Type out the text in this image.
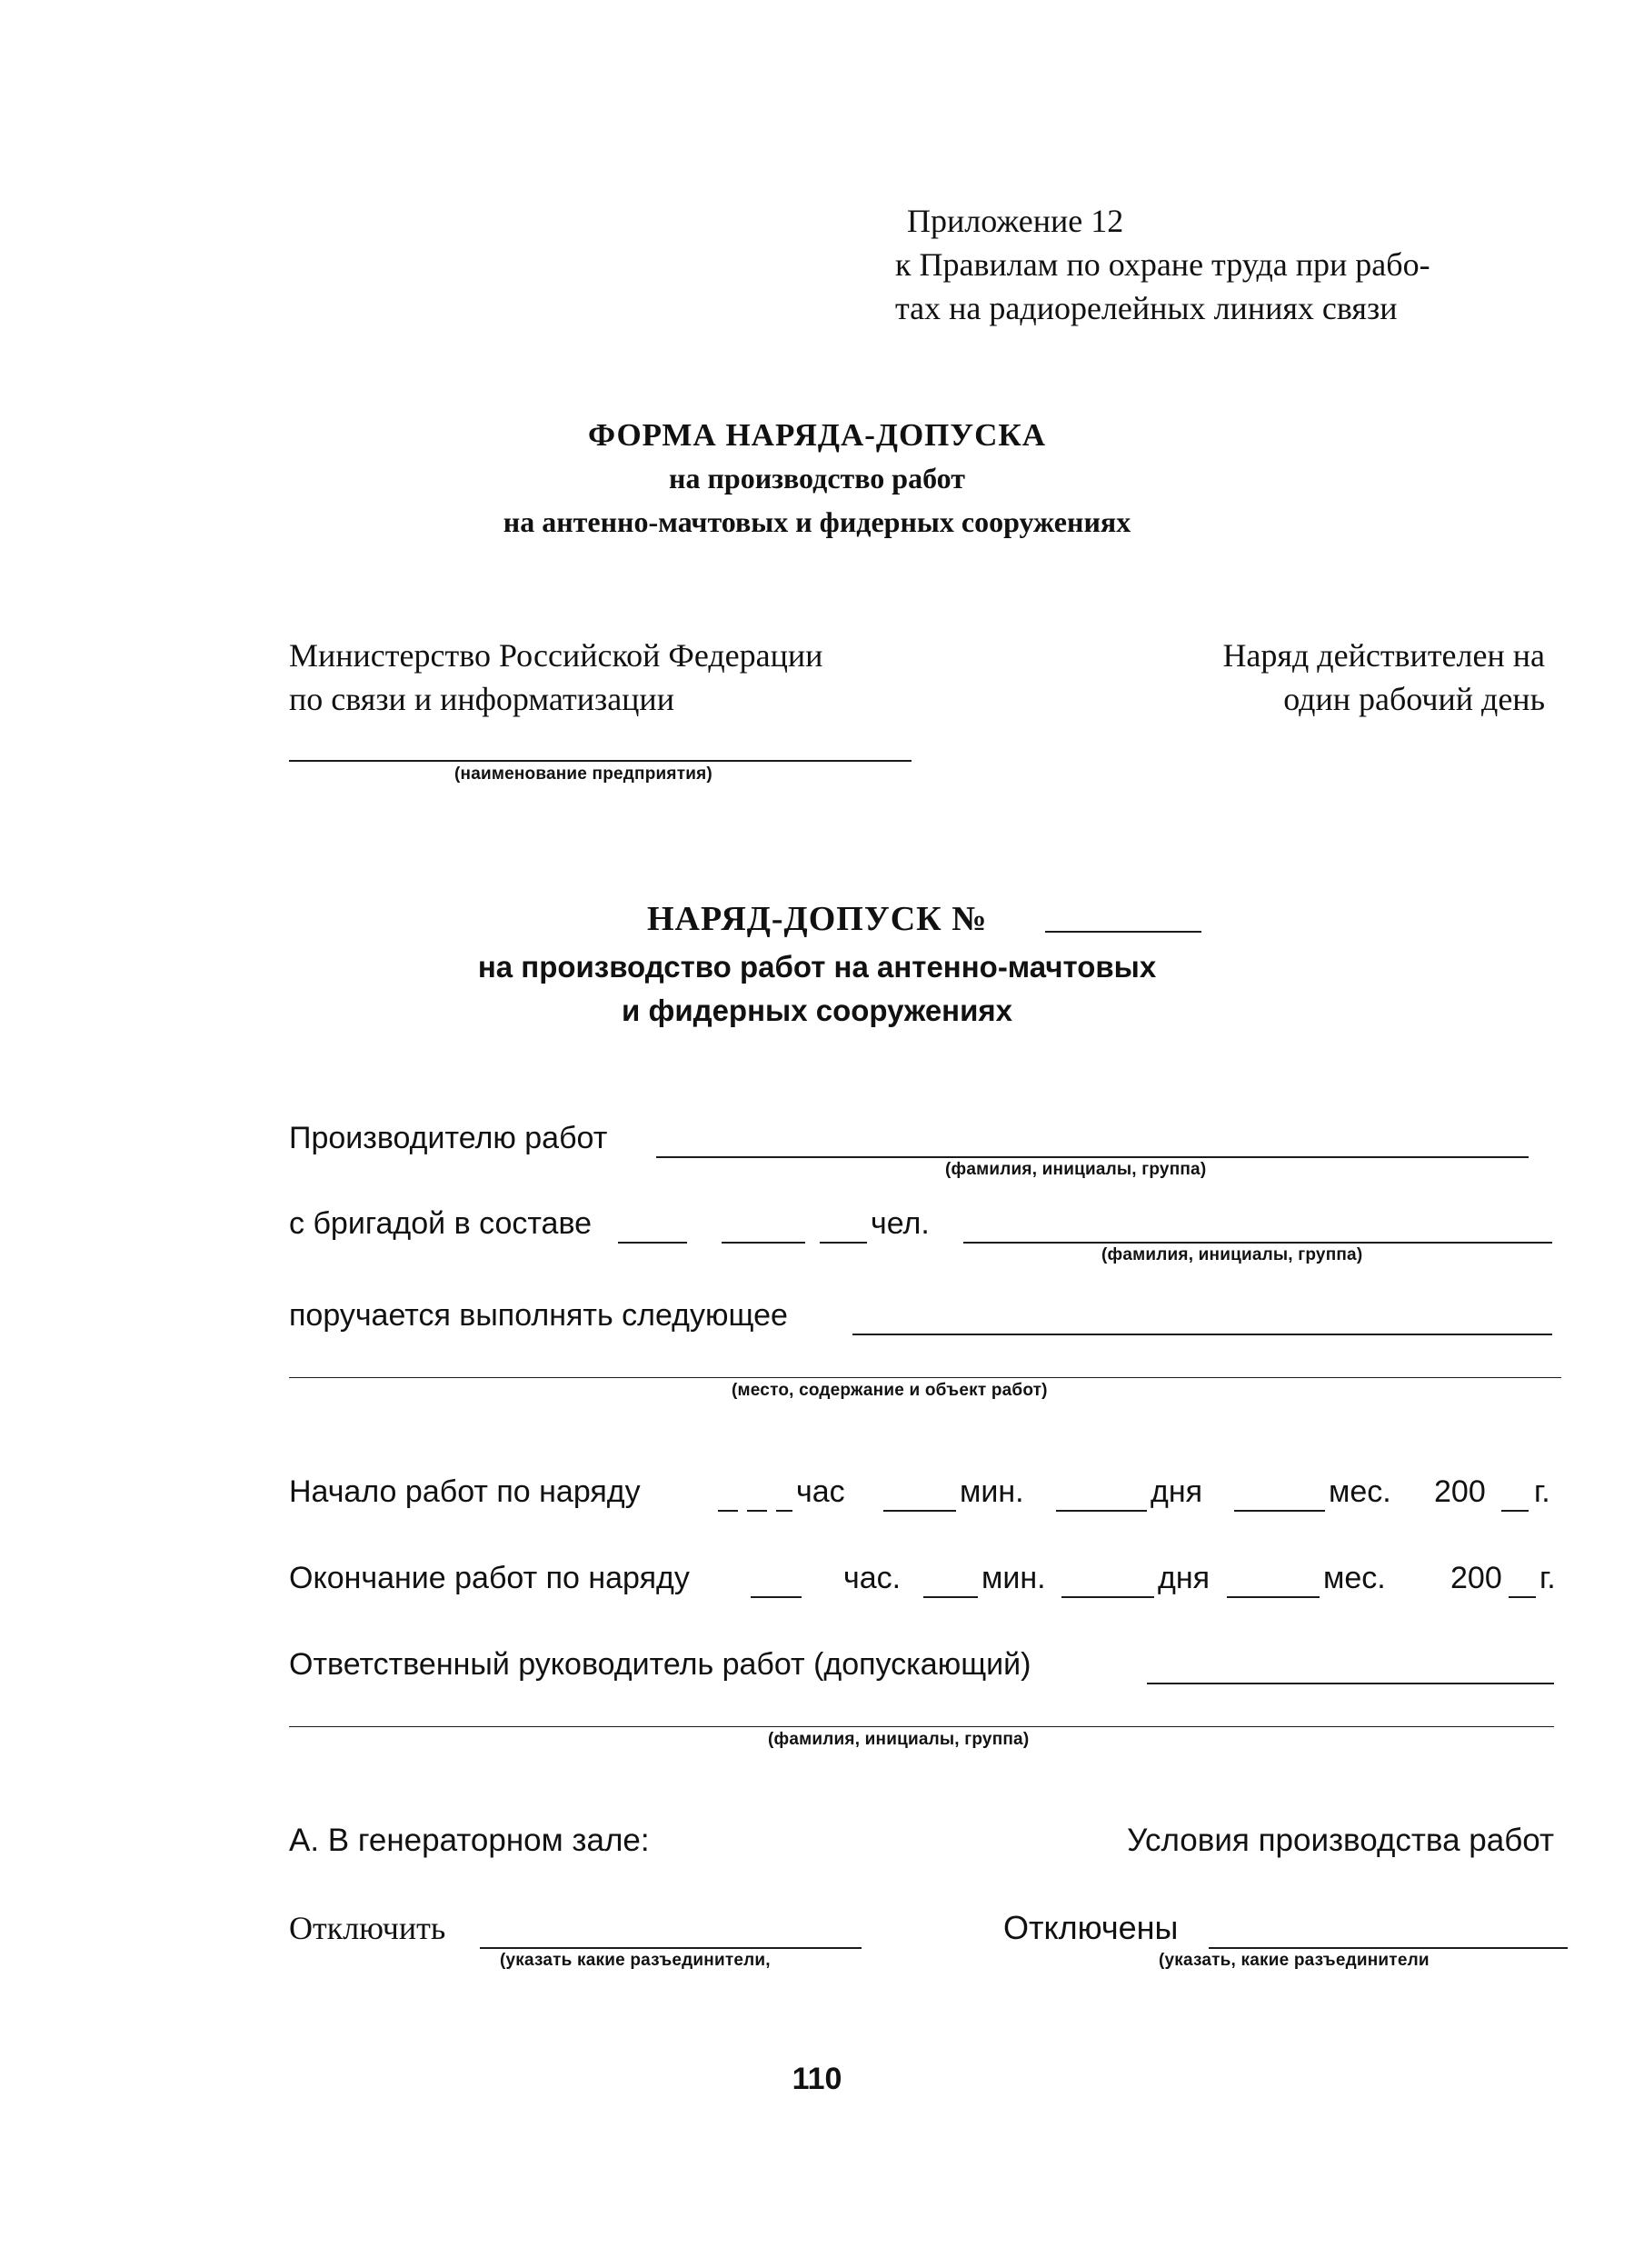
Приложение 12
к Правилам по охране труда при рабо-
тах на радиорелейных линиях связи
ФОРМА НАРЯДА-ДОПУСКА
на производство работ
на антенно-мачтовых и фидерных сооружениях
Министерство Российской Федерации
по связи и информатизации
Наряд действителен на
один рабочий день
(наименование предприятия)
НАРЯД-ДОПУСК №
на производство работ на антенно-мачтовых
и фидерных сооружениях
Производителю работ
(фамилия, инициалы, группа)
с бригадой в составе	чел.
(фамилия, инициалы, группа)
поручается выполнять следующее
(место, содержание и объект работ)
Начало работ по наряду	час	мин.	дня	мес. 200 г.
Окончание работ по наряду	час.	мин.	дня	мес. 200 г.
Ответственный руководитель работ (допускающий)
(фамилия, инициалы, группа)
А. В генераторном зале:	Условия производства работ
Отключить
(указать какие разъединители,
Отключены
(указать, какие разъединители
110
